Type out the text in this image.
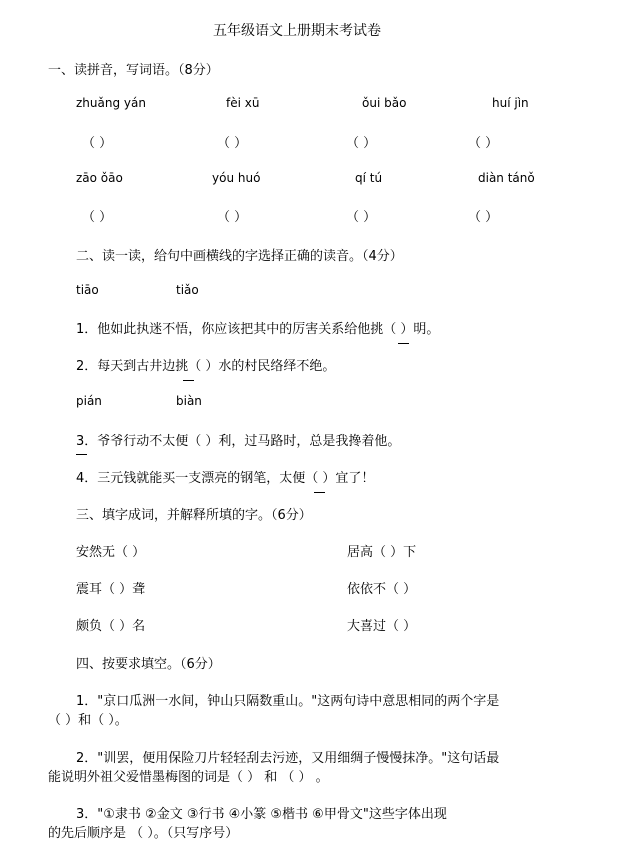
五年级语文上册期末考试卷
一、读拼音，写词语。（8分）
zhuǎng yán	fèi xū	ǒui bǎo	huí jìn
（ ）	（ ）	（ ）	（ ）
zāo ǒāo	yóu huó	qí tú	diàn tánǒ
（ ）	（ ）	（ ）	（ ）
二、读一读，给句中画横线的字选择正确的读音。（4分）
tiāo	tiǎo
1．他如此执迷不悟，你应该把其中的厉害关系给他挑（ ）明。
2．每天到古井边挑（ ）水的村民络绎不绝。
pián	biàn
3．爷爷行动不太便（ ）利，过马路时，总是我搀着他。
4．三元钱就能买一支漂亮的钢笔，太便（ ）宜了！
三、填字成词，并解释所填的字。（6分）
安然无（ ）	居高（ ）下
震耳（ ）聋	依依不（ ）
颇负（ ）名	大喜过（ ）
四、按要求填空。（6分）
1．"京口瓜洲一水间，钟山只隔数重山。"这两句诗中意思相同的两个字是
（ ）和（ ）。
2．"训罢，便用保险刀片轻轻刮去污迹，又用细绸子慢慢抹净。"这句话最
能说明外祖父爱惜墨梅图的词是（ ） 和 （ ） 。
3．"①隶书 ②金文 ③行书 ④小篆 ⑤楷书 ⑥甲骨文"这些字体出现
的先后顺序是 （ ）。（只写序号）
